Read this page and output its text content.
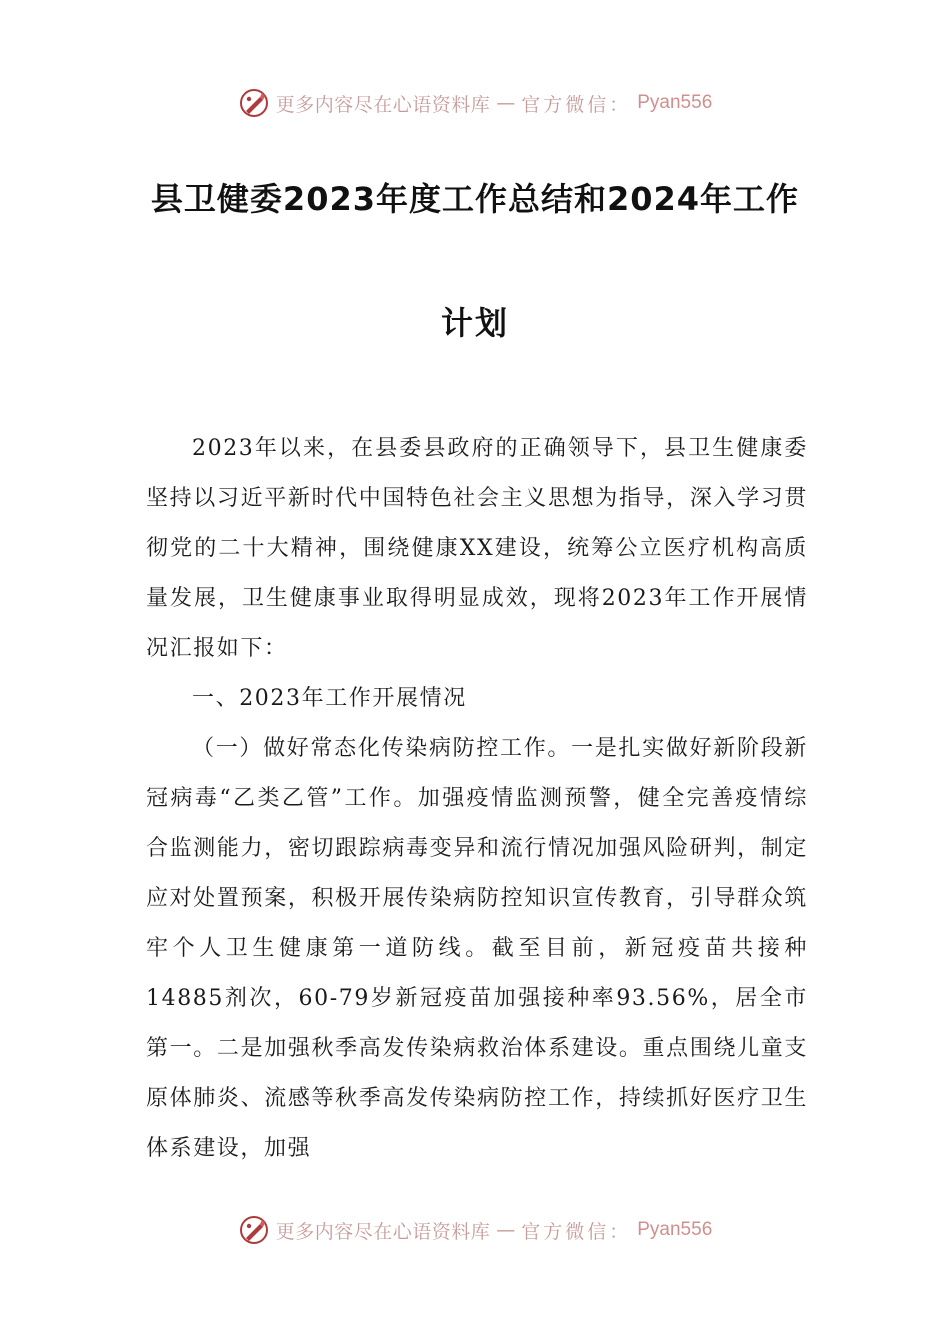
更多内容尽在心语资料库 — 官方微信： Pyan556
县卫健委2023年度工作总结和2024年工作
计划

2023年以来，在县委县政府的正确领导下，县卫生健康委坚持以习近平新时代中国特色社会主义思想为指导，深入学习贯彻党的二十大精神，围绕健康XX建设，统筹公立医疗机构高质量发展，卫生健康事业取得明显成效，现将2023年工作开展情况汇报如下：

一、2023年工作开展情况

（一）做好常态化传染病防控工作。一是扎实做好新阶段新冠病毒“乙类乙管”工作。加强疫情监测预警，健全完善疫情综合监测能力，密切跟踪病毒变异和流行情况加强风险研判，制定应对处置预案，积极开展传染病防控知识宣传教育，引导群众筑牢个人卫生健康第一道防线。截至目前，新冠疫苗共接种14885剂次，60-79岁新冠疫苗加强接种率93.56%，居全市第一。二是加强秋季高发传染病救治体系建设。重点围绕儿童支原体肺炎、流感等秋季高发传染病防控工作，持续抓好医疗卫生体系建设，加强

更多内容尽在心语资料库 — 官方微信： Pyan556
